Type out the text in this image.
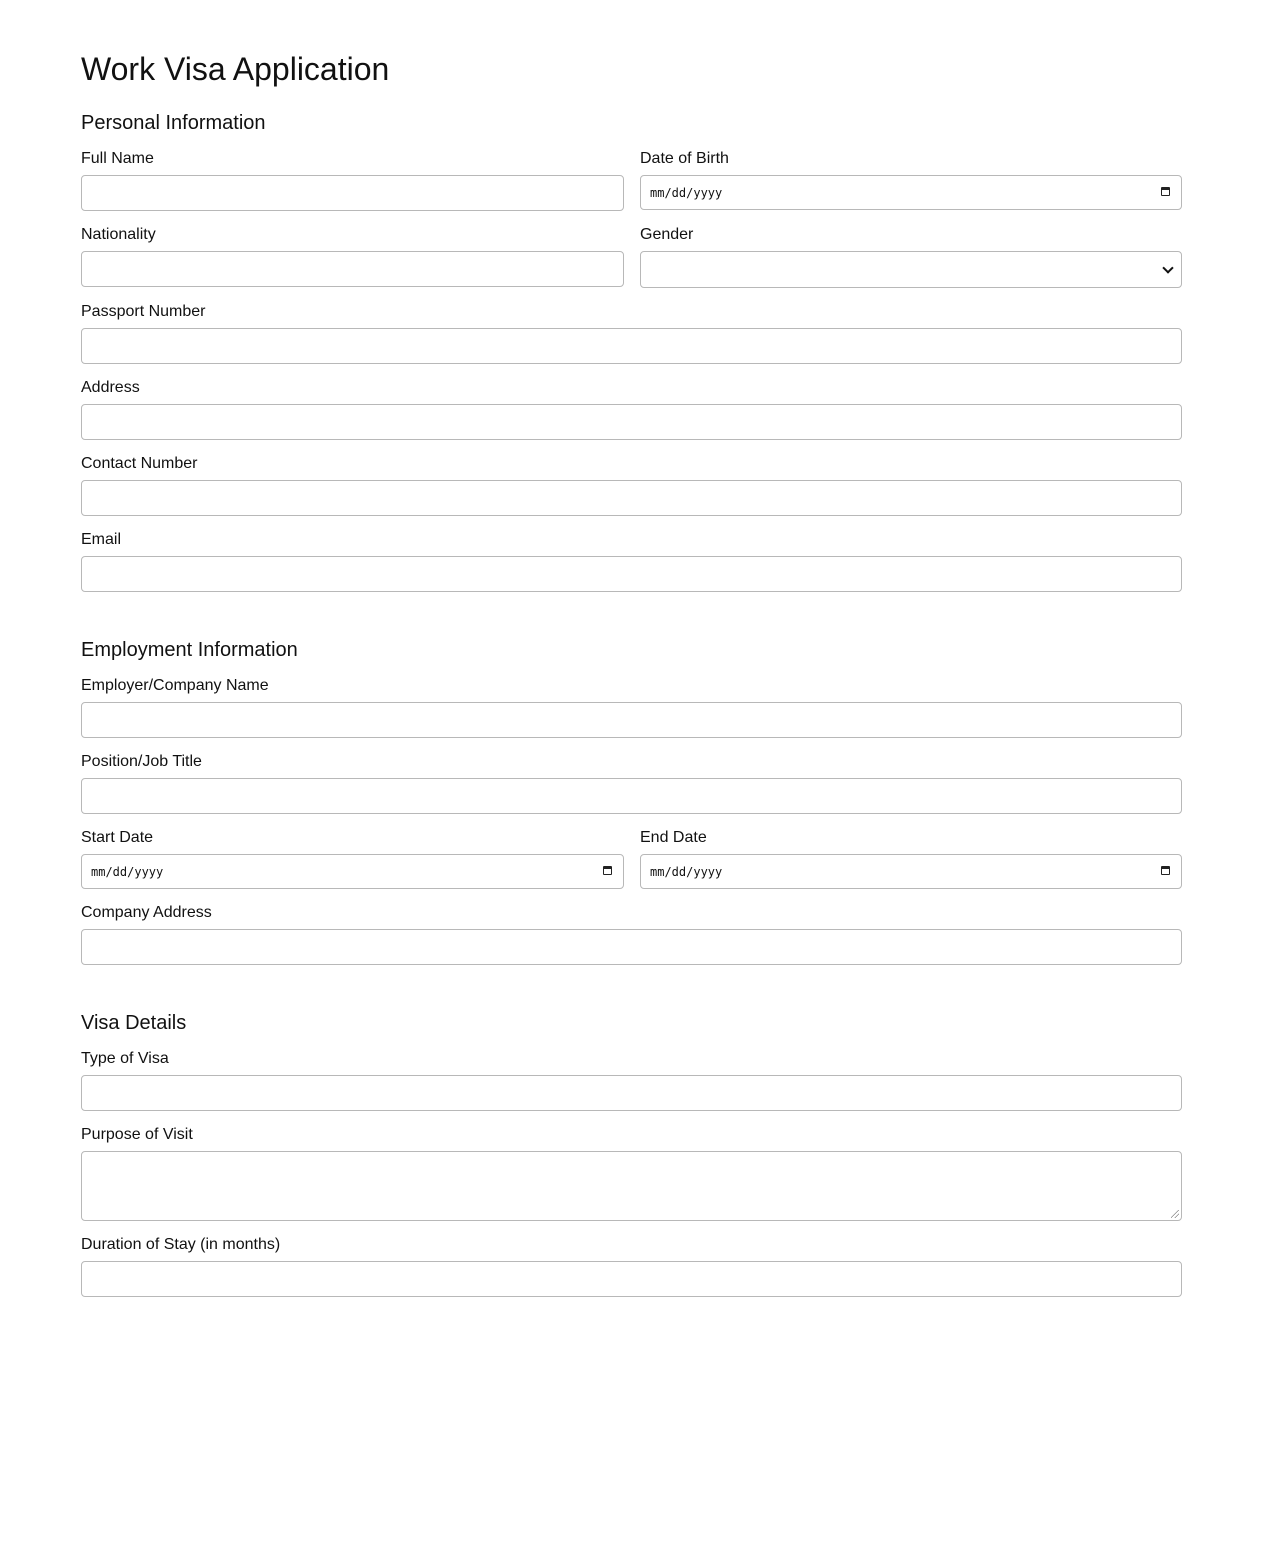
Work Visa Application
Personal Information
Full Name	Date of Birth
mm/dd/yyyy
Nationality	Gender
Passport Number
Address
Contact Number
Email
Employment Information
Employer/Company Name
Position/Job Title
Start Date
mm/dd/yyyy
End Date
mm/dd/yyyy
Company Address
Visa Details
Type of Visa
Purpose of Visit
Duration of Stay (in months)
